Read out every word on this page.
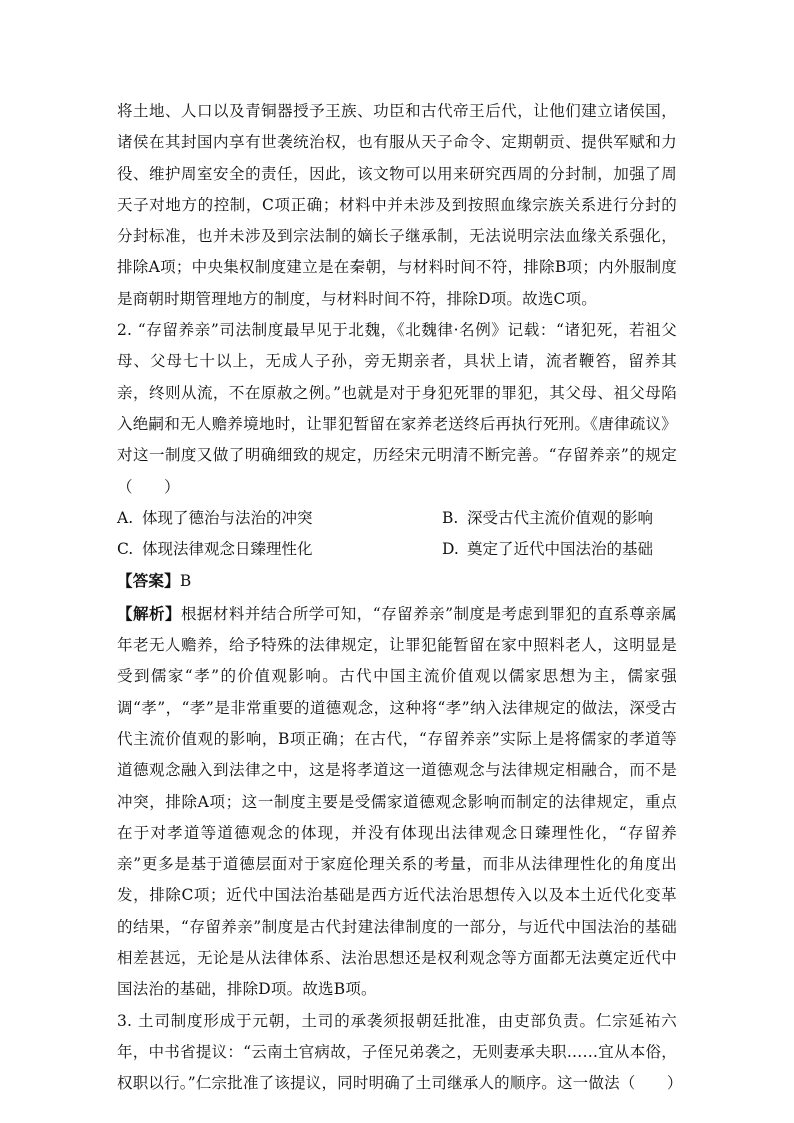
将土地、人口以及青铜器授予王族、功臣和古代帝王后代，让他们建立诸侯国，诸侯在其封国内享有世袭统治权，也有服从天子命令、定期朝贡、提供军赋和力役、维护周室安全的责任，因此，该文物可以用来研究西周的分封制，加强了周天子对地方的控制，C项正确；材料中并未涉及到按照血缘宗族关系进行分封的分封标准，也并未涉及到宗法制的嫡长子继承制，无法说明宗法血缘关系强化，排除A项；中央集权制度建立是在秦朝，与材料时间不符，排除B项；内外服制度是商朝时期管理地方的制度，与材料时间不符，排除D项。故选C项。

2. “存留养亲”司法制度最早见于北魏，《北魏律·名例》记载：“诸犯死，若祖父母、父母七十以上，无成人子孙，旁无期亲者，具状上请，流者鞭笞，留养其亲，终则从流，不在原赦之例。”也就是对于身犯死罪的罪犯，其父母、祖父母陷入绝嗣和无人赡养境地时，让罪犯暂留在家养老送终后再执行死刑。《唐律疏议》对这一制度又做了明确细致的规定，历经宋元明清不断完善。“存留养亲”的规定（　　）

A. 体现了德治与法治的冲突	B. 深受古代主流价值观的影响
C. 体现法律观念日臻理性化	D. 奠定了近代中国法治的基础

【答案】B

【解析】根据材料并结合所学可知，“存留养亲”制度是考虑到罪犯的直系尊亲属年老无人赡养，给予特殊的法律规定，让罪犯能暂留在家中照料老人，这明显是受到儒家“孝”的价值观影响。古代中国主流价值观以儒家思想为主，儒家强调“孝”，“孝”是非常重要的道德观念，这种将“孝”纳入法律规定的做法，深受古代主流价值观的影响，B项正确；在古代，“存留养亲”实际上是将儒家的孝道等道德观念融入到法律之中，这是将孝道这一道德观念与法律规定相融合，而不是冲突，排除A项；这一制度主要是受儒家道德观念影响而制定的法律规定，重点在于对孝道等道德观念的体现，并没有体现出法律观念日臻理性化，“存留养亲”更多是基于道德层面对于家庭伦理关系的考量，而非从法律理性化的角度出发，排除C项；近代中国法治基础是西方近代法治思想传入以及本土近代化变革的结果，“存留养亲”制度是古代封建法律制度的一部分，与近代中国法治的基础相差甚远，无论是从法律体系、法治思想还是权利观念等方面都无法奠定近代中国法治的基础，排除D项。故选B项。

3. 土司制度形成于元朝，土司的承袭须报朝廷批准，由吏部负责。仁宗延祐六年，中书省提议：“云南土官病故，子侄兄弟袭之，无则妻承夫职……宜从本俗，权职以行。”仁宗批准了该提议，同时明确了土司继承人的顺序。这一做法（　　）
